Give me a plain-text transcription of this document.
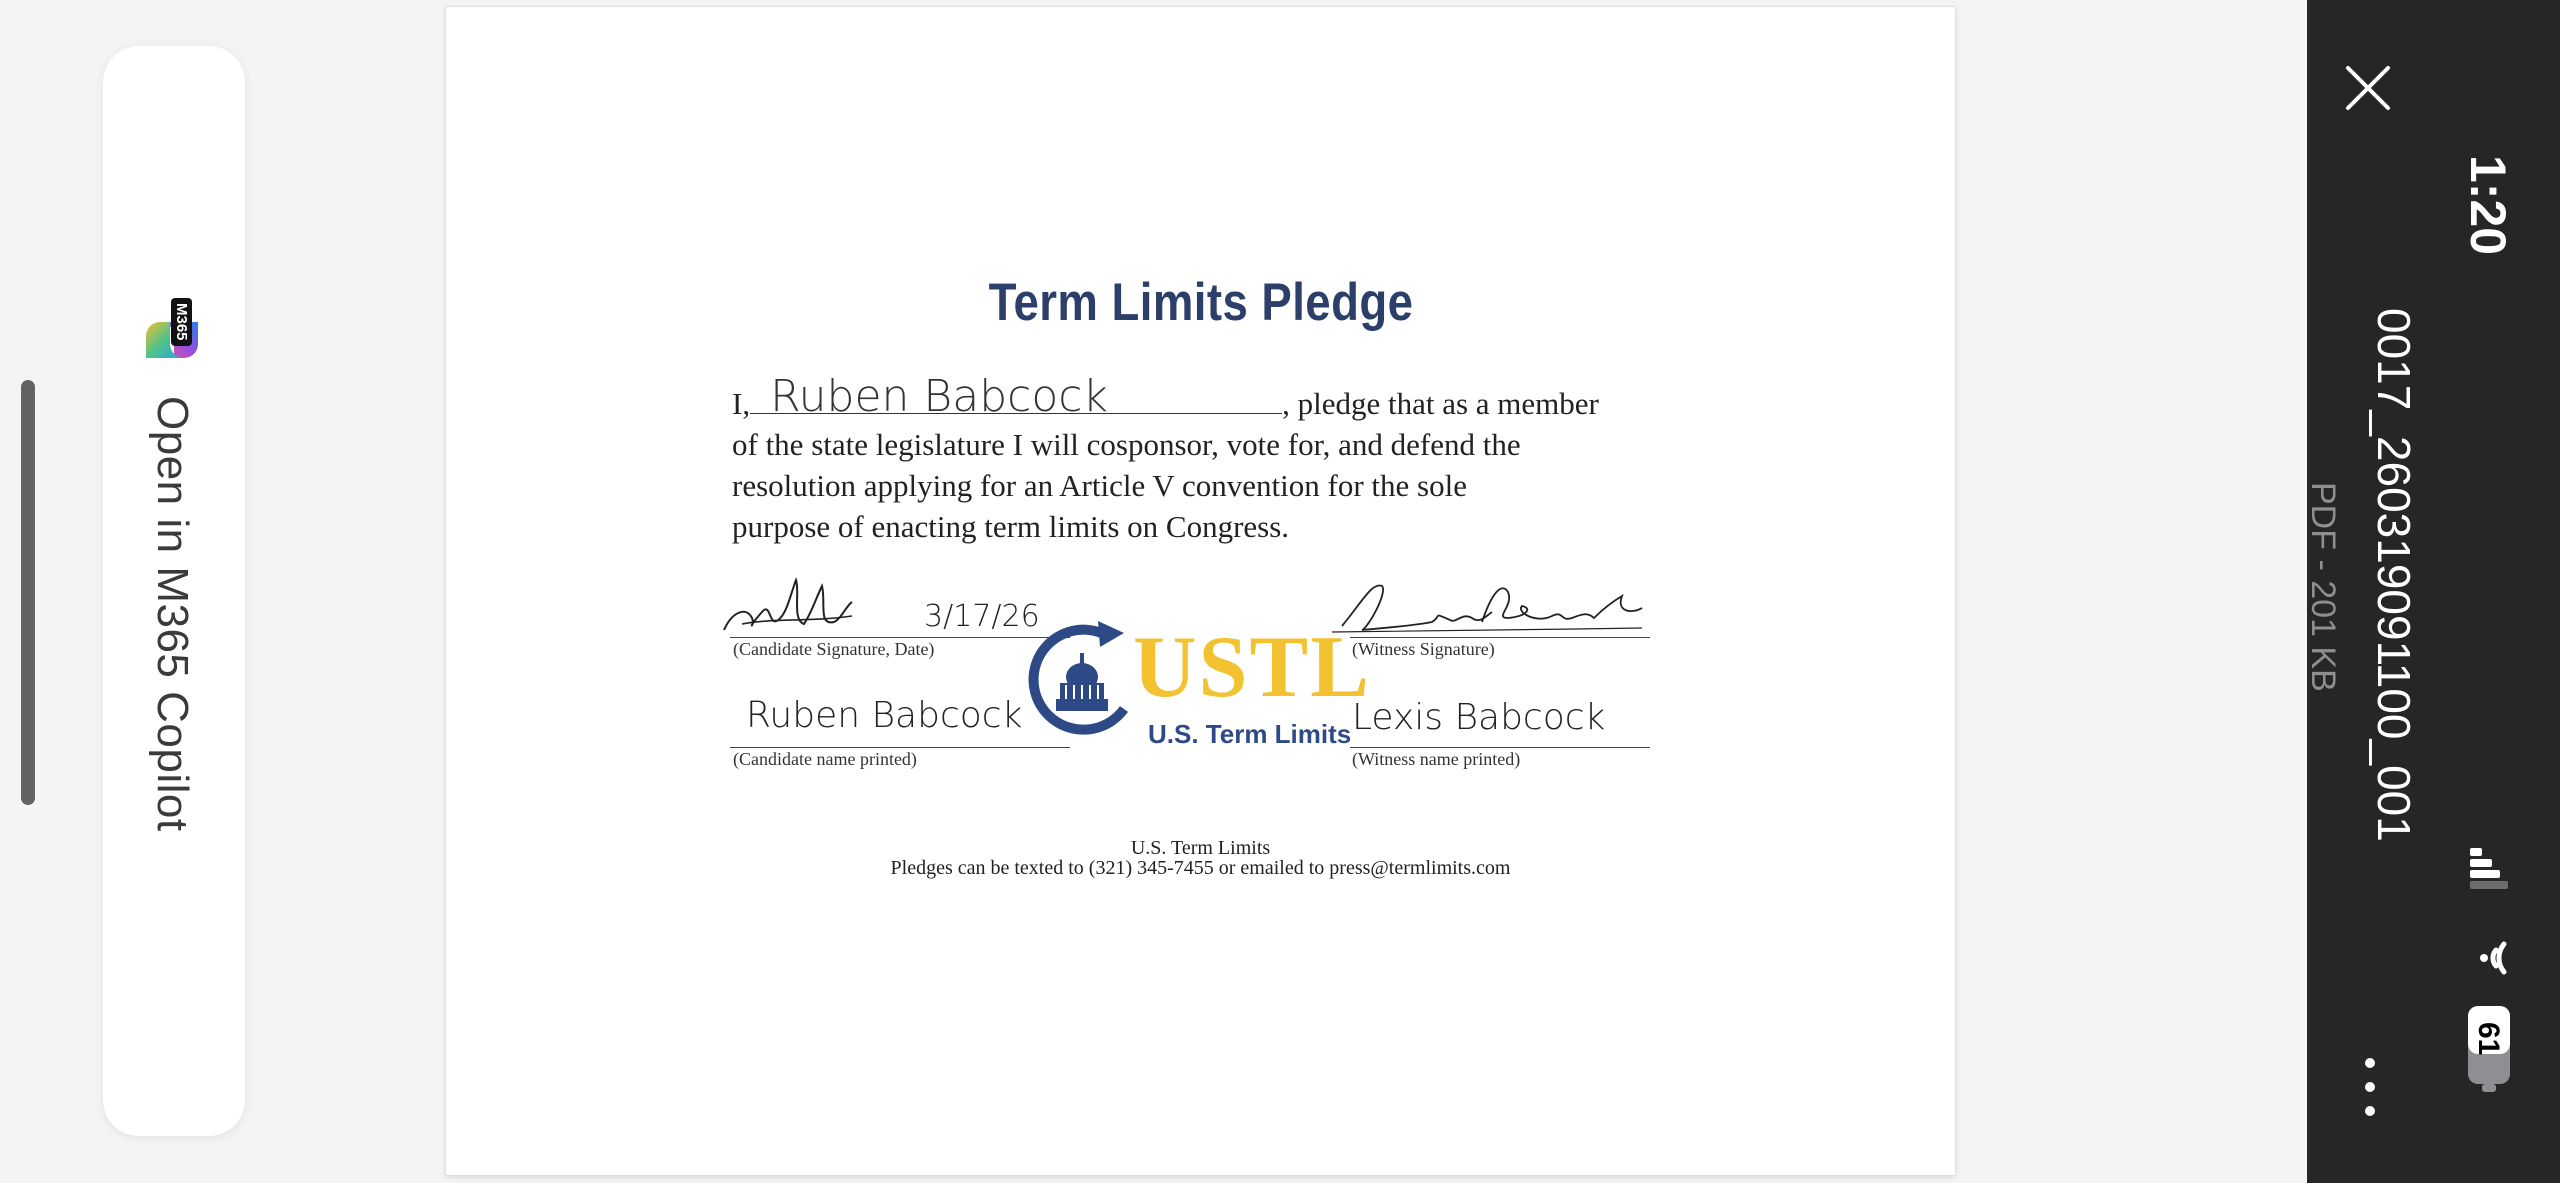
M365
Open in M365 Copilot
Term Limits Pledge
I, Ruben Babcock	, pledge that as a member
of the state legislature I will cosponsor, vote for, and defend the
resolution applying for an Article V convention for the sole
purpose of enacting term limits on Congress.
3/17/26
(Candidate Signature, Date)	(Witness Signature)
Ruben Babcock
(Candidate name printed)
Lexis Babcock
(Witness name printed)
USTL
U.S. Term Limits
U.S. Term Limits
Pledges can be texted to (321) 345-7455 or emailed to press@termlimits.com
1:20
0017_260319091100_001
PDF - 201 KB
61
